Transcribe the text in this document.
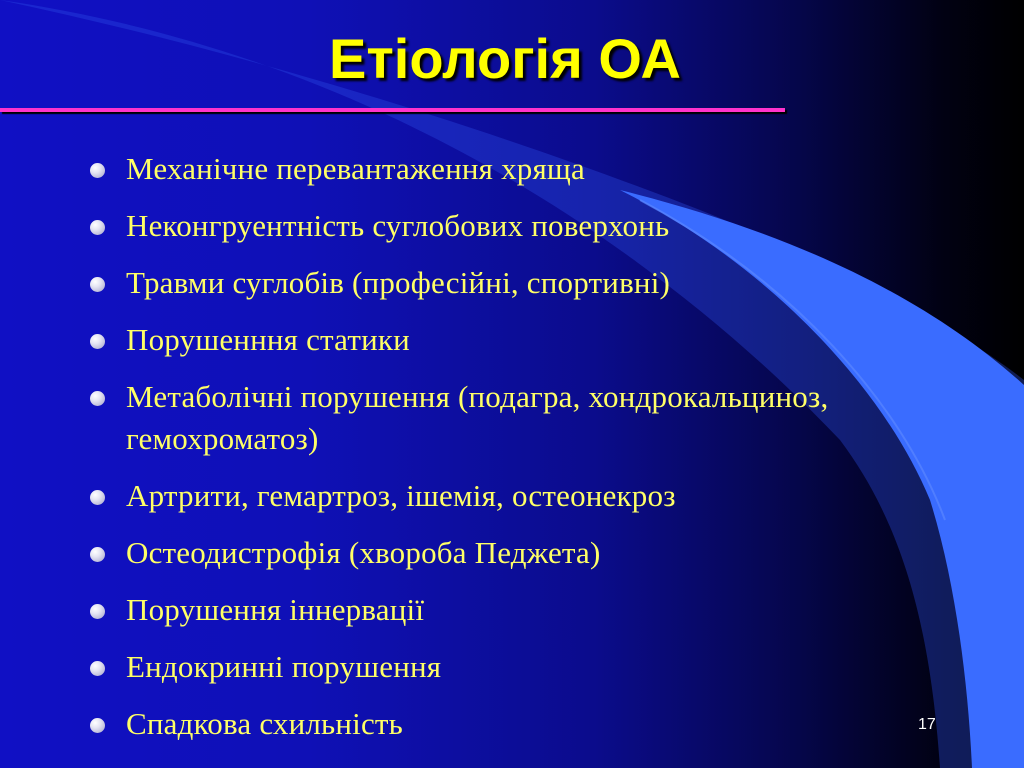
Етіологія ОА
Механічне перевантаження хряща
Неконгруентність суглобових поверхонь
Травми суглобів (професійні, спортивні)
Порушенння статики
Метаболічні порушення (подагра, хондрокальциноз, гемохроматоз)
Артрити, гемартроз, ішемія, остеонекроз
Остеодистрофія (хвороба Педжета)
Порушення іннервації
Ендокринні порушення
Спадкова схильність	17
